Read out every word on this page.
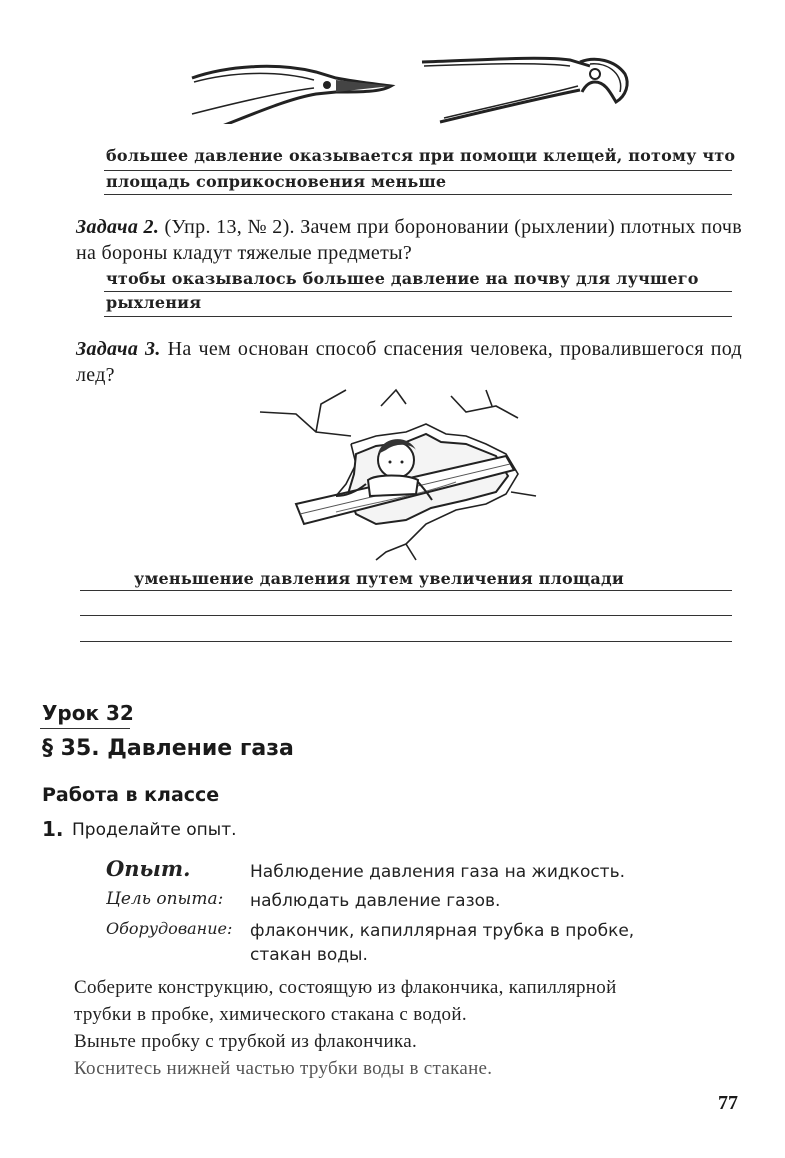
большее давление оказывается при помощи клещей, потому что
площадь соприкосновения меньше
Задача 2. (Упр. 13, № 2). Зачем при бороновании (рыхлении) плотных почв на бороны кладут тяжелые предметы?
чтобы оказывалось большее давление на почву для лучшего
рыхления
Задача 3. На чем основан способ спасения человека, провалившегося под лед?
уменьшение давления путем увеличения площади
Урок 32
§ 35. Давление газа
Работа в классе
1. Проделайте опыт.
Опыт.	Наблюдение давления газа на жидкость.
Цель опыта: наблюдать давление газов.
Оборудование: флакончик, капиллярная трубка в пробке,
стакан воды.
Соберите конструкцию, состоящую из флакончика, капиллярной
трубки в пробке, химического стакана с водой.
Выньте пробку с трубкой из флакончика.
Коснитесь нижней частью трубки воды в стакане.
77
